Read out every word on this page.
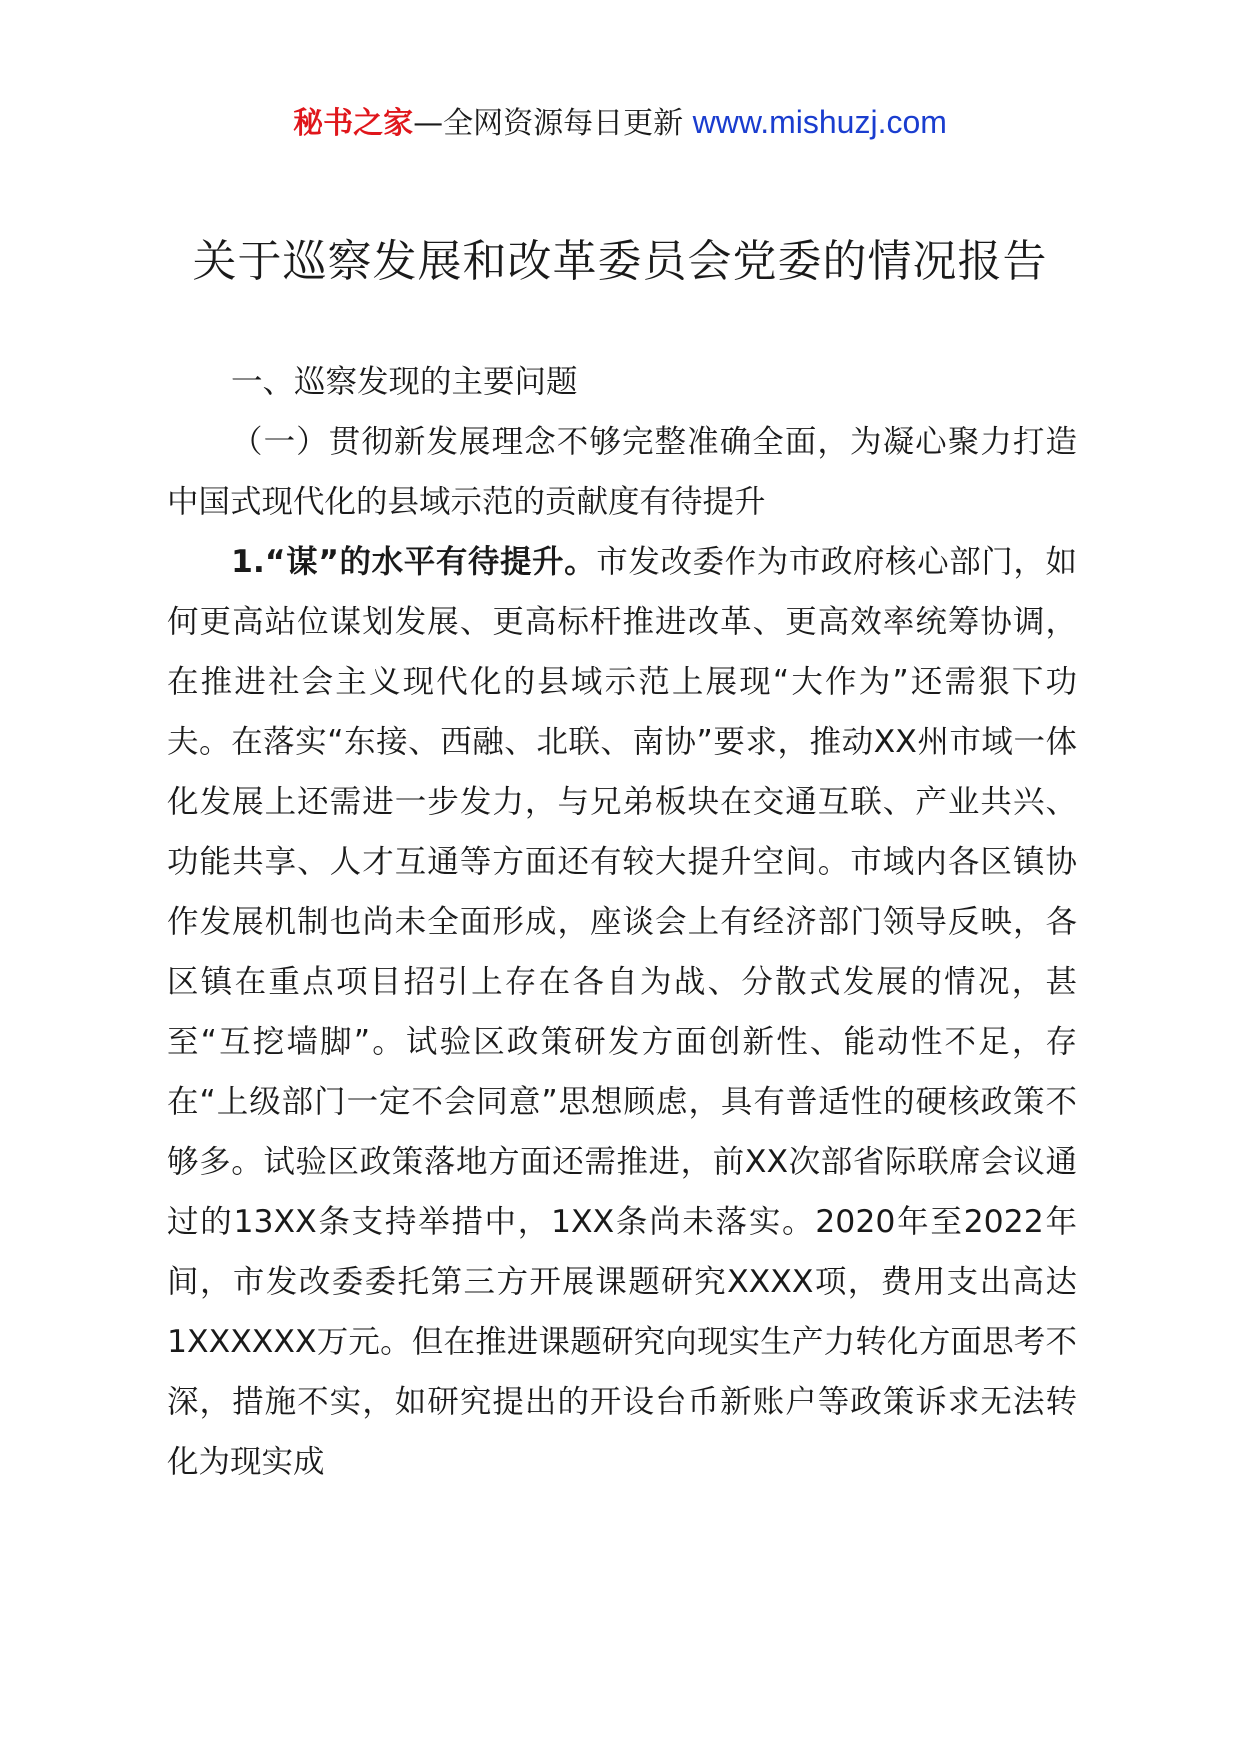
秘书之家—全网资源每日更新 www.mishuzj.com
关于巡察发展和改革委员会党委的情况报告

一、巡察发现的主要问题

（一）贯彻新发展理念不够完整准确全面，为凝心聚力打造中国式现代化的县域示范的贡献度有待提升

1.“谋”的水平有待提升。市发改委作为市政府核心部门，如何更高站位谋划发展、更高标杆推进改革、更高效率统筹协调，在推进社会主义现代化的县域示范上展现“大作为”还需狠下功夫。在落实“东接、西融、北联、南协”要求，推动XX州市域一体化发展上还需进一步发力，与兄弟板块在交通互联、产业共兴、功能共享、人才互通等方面还有较大提升空间。市域内各区镇协作发展机制也尚未全面形成，座谈会上有经济部门领导反映，各区镇在重点项目招引上存在各自为战、分散式发展的情况，甚至“互挖墙脚”。试验区政策研发方面创新性、能动性不足，存在“上级部门一定不会同意”思想顾虑，具有普适性的硬核政策不够多。试验区政策落地方面还需推进，前XX次部省际联席会议通过的13XX条支持举措中，1XX条尚未落实。2020年至2022年间，市发改委委托第三方开展课题研究XXXX项，费用支出高达1XXXXXX万元。但在推进课题研究向现实生产力转化方面思考不深，措施不实，如研究提出的开设台币新账户等政策诉求无法转化为现实成
